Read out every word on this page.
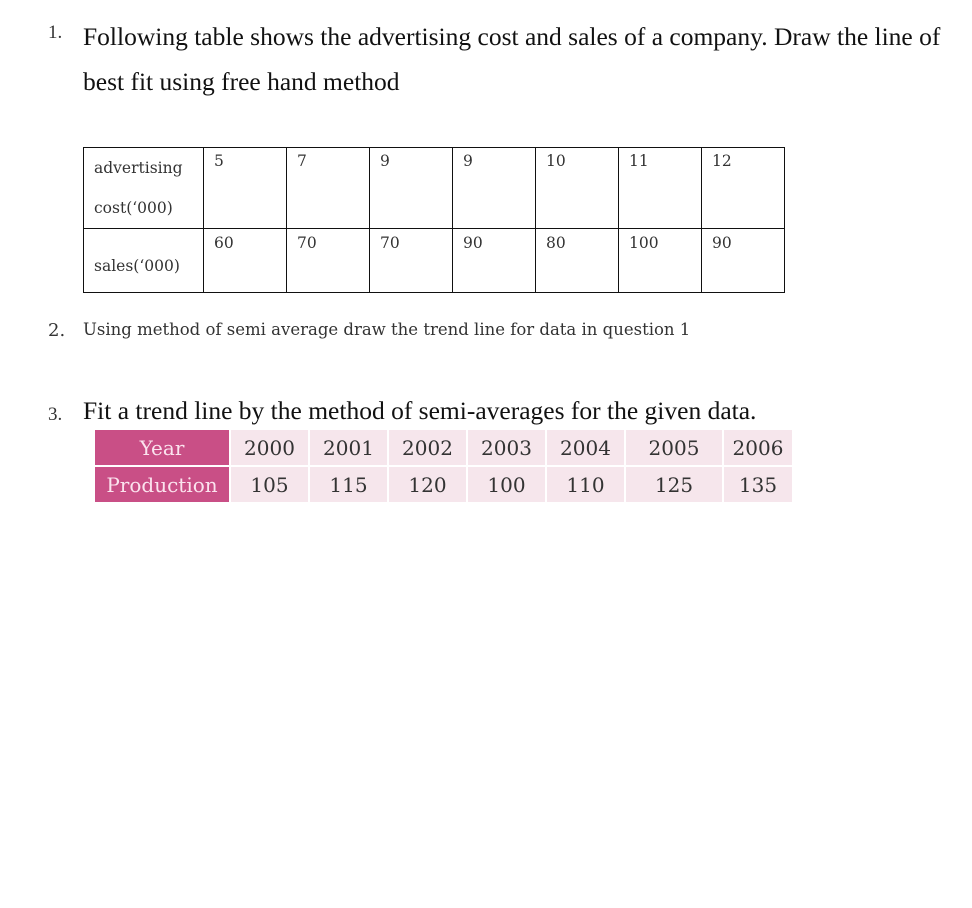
1. Following table shows the advertising cost and sales of a company. Draw the line of best fit using free hand method
advertising
cost(‘000)	5	7	9	9	10	11	12
sales(‘000)	60	70	70	90	80	100	90
2. Using method of semi average draw the trend line for data in question 1
3. Fit a trend line by the method of semi-averages for the given data.
Year	2000	2001	2002	2003	2004	2005	2006
Production	105	115	120	100	110	125	135
